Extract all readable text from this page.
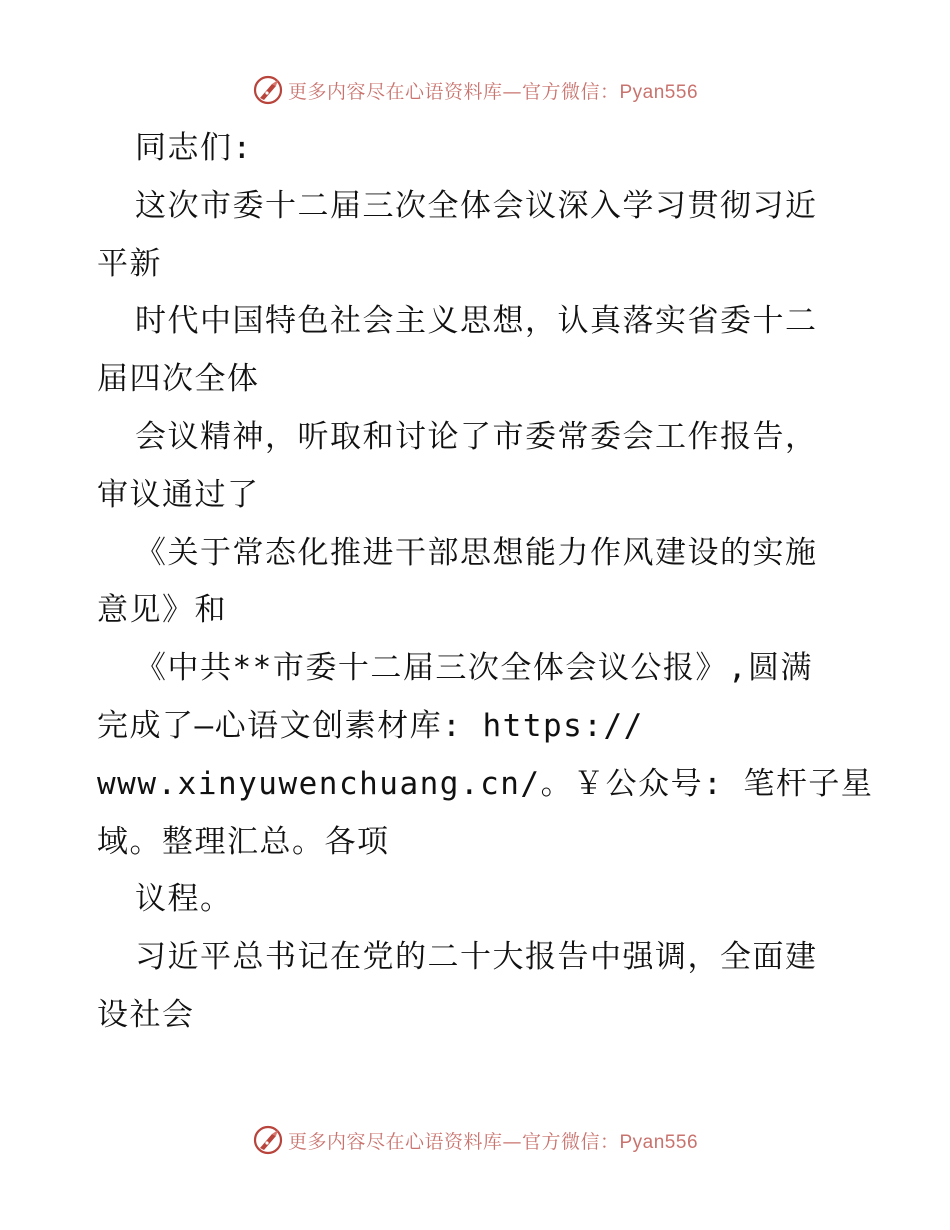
更多内容尽在心语资料库—官方微信：Pyan556
同志们:
这次市委十二届三次全体会议深入学习贯彻习近
平新
时代中国特色社会主义思想，认真落实省委十二
届四次全体
会议精神，听取和讨论了市委常委会工作报告，
审议通过了
《关于常态化推进干部思想能力作风建设的实施
意见》和
《中共**市委十二届三次全体会议公报》,圆满
完成了—心语文创素材库: https://
www.xinyuwenchuang.cn/。￥公众号: 笔杆子星
域。整理汇总。各项
议程。
习近平总书记在党的二十大报告中强调，全面建
设社会
更多内容尽在心语资料库—官方微信：Pyan556
